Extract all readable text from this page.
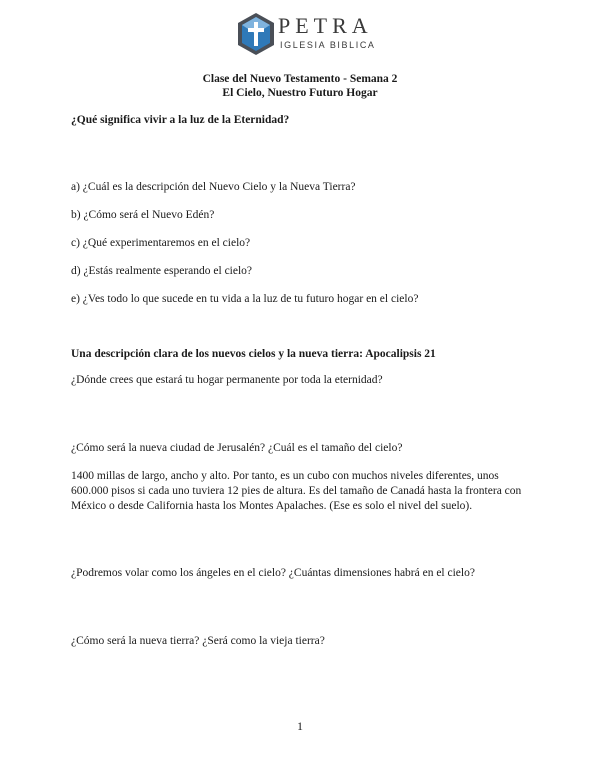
PETRA
IGLESIA BIBLICA
Clase del Nuevo Testamento - Semana 2
El Cielo, Nuestro Futuro Hogar
¿Qué significa vivir a la luz de la Eternidad?
a) ¿Cuál es la descripción del Nuevo Cielo y la Nueva Tierra?
b) ¿Cómo será el Nuevo Edén?
c) ¿Qué experimentaremos en el cielo?
d) ¿Estás realmente esperando el cielo?
e) ¿Ves todo lo que sucede en tu vida a la luz de tu futuro hogar en el cielo?
Una descripción clara de los nuevos cielos y la nueva tierra: Apocalipsis 21
¿Dónde crees que estará tu hogar permanente por toda la eternidad?
¿Cómo será la nueva ciudad de Jerusalén? ¿Cuál es el tamaño del cielo?
1400 millas de largo, ancho y alto. Por tanto, es un cubo con muchos niveles diferentes, unos 600.000 pisos si cada uno tuviera 12 pies de altura. Es del tamaño de Canadá hasta la frontera con México o desde California hasta los Montes Apalaches. (Ese es solo el nivel del suelo).
¿Podremos volar como los ángeles en el cielo? ¿Cuántas dimensiones habrá en el cielo?
¿Cómo será la nueva tierra? ¿Será como la vieja tierra?
1
